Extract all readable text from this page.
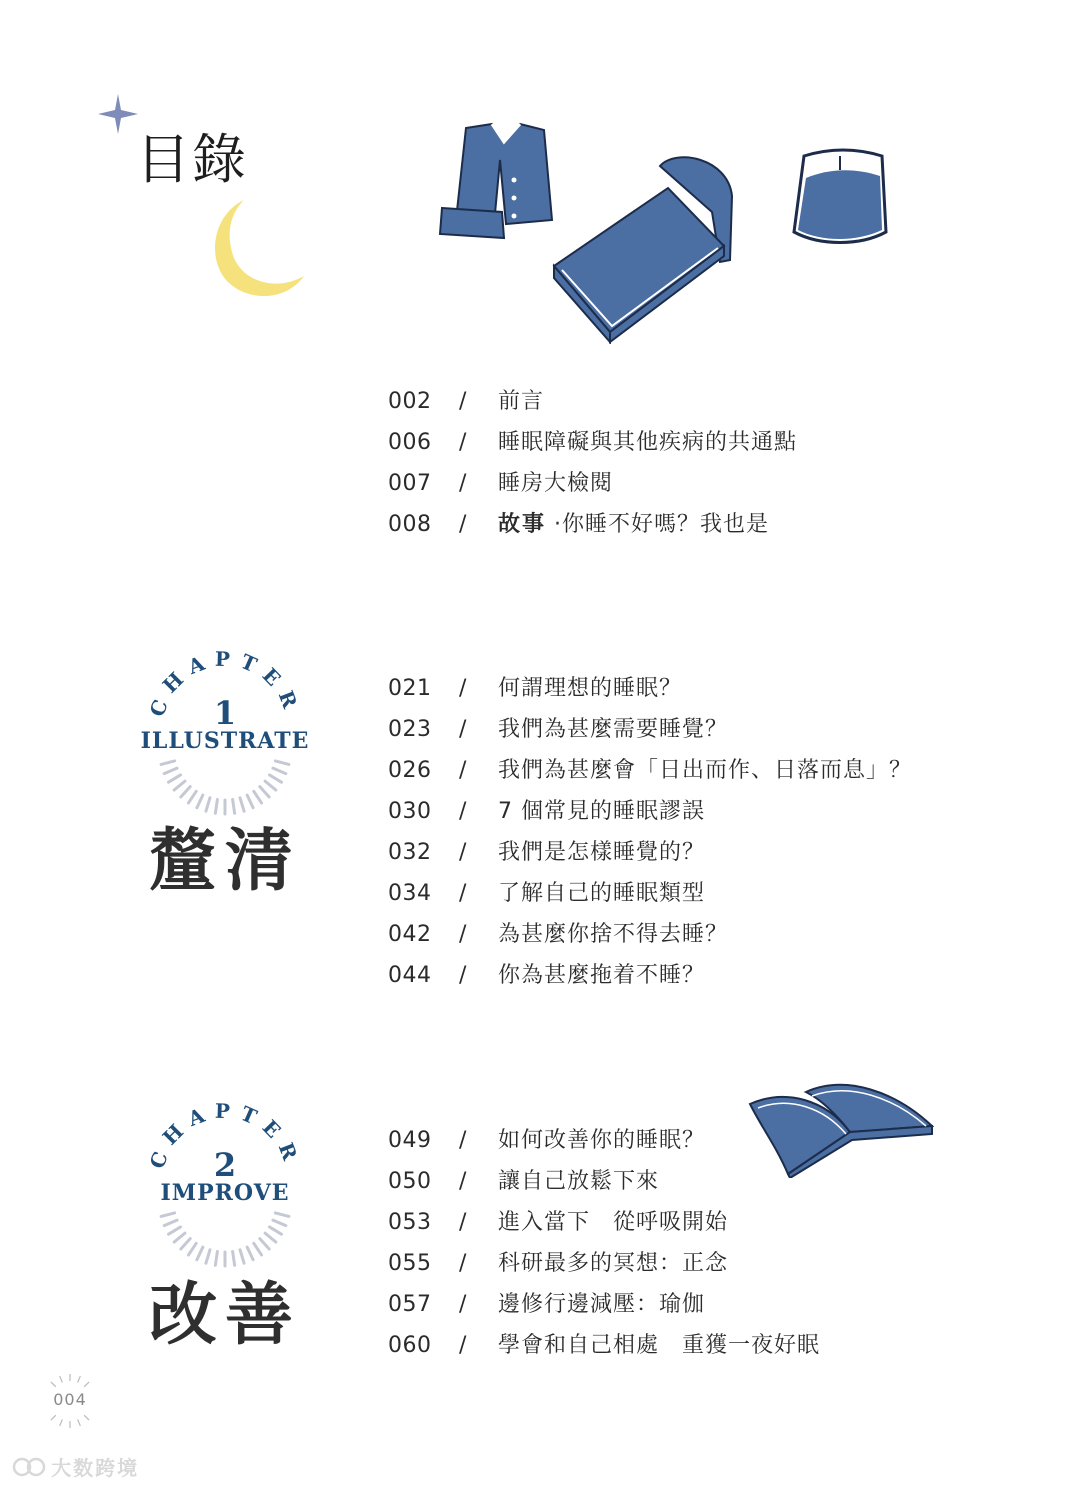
目錄
002 / 前言
006 / 睡眠障礙與其他疾病的共通點
007 / 睡房大檢閱
008 / 故事 ·你睡不好嗎？我也是
CHAPTER
1
ILLUSTRATE
釐清
021 / 何謂理想的睡眠？
023 / 我們為甚麼需要睡覺？
026 / 我們為甚麼會「日出而作、日落而息」？
030 / 7 個常見的睡眠謬誤
032 / 我們是怎樣睡覺的？
034 / 了解自己的睡眠類型
042 / 為甚麼你捨不得去睡？
044 / 你為甚麼拖着不睡？
CHAPTER
2
IMPROVE
改善
049 / 如何改善你的睡眠？
050 / 讓自己放鬆下來
053 / 進入當下　從呼吸開始
055 / 科研最多的冥想：正念
057 / 邊修行邊減壓：瑜伽
060 / 學會和自己相處　重獲一夜好眠
004
大数跨境
